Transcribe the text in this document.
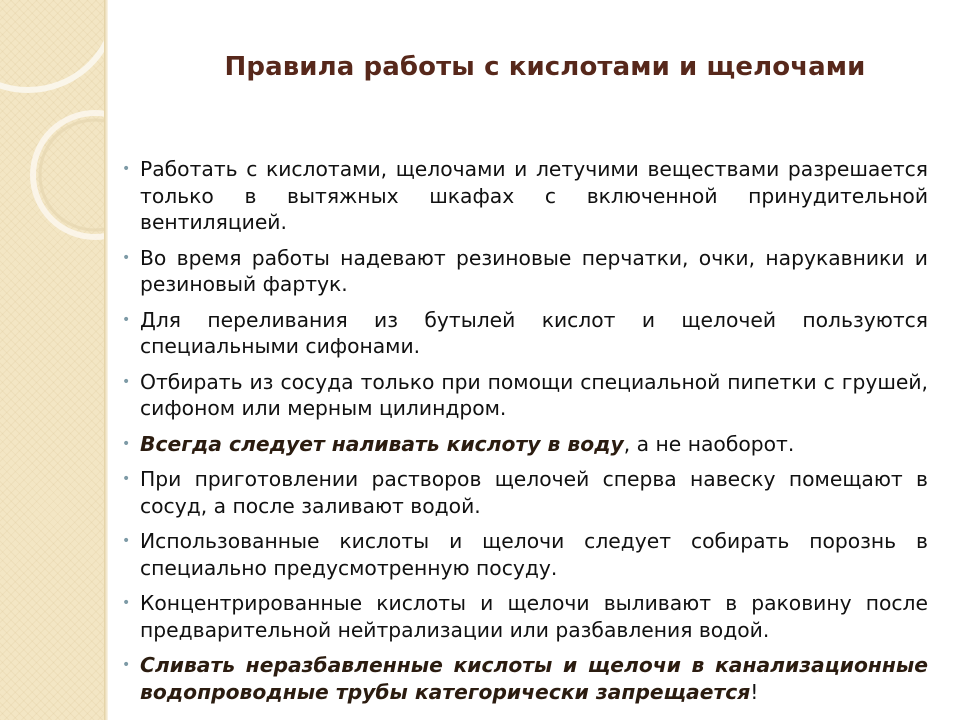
Правила работы с кислотами и щелочами
• Работать с кислотами, щелочами и летучими веществами разрешается только в вытяжных шкафах с включенной принудительной вентиляцией.
• Во время работы надевают резиновые перчатки, очки, нарукавники и резиновый фартук.
• Для переливания из бутылей кислот и щелочей пользуются специальными сифонами.
• Отбирать из сосуда только при помощи специальной пипетки с грушей, сифоном или мерным цилиндром.
• Всегда следует наливать кислоту в воду, а не наоборот.
• При приготовлении растворов щелочей сперва навеску помещают в сосуд, а после заливают водой.
• Использованные кислоты и щелочи следует собирать порознь в специально предусмотренную посуду.
• Концентрированные кислоты и щелочи выливают в раковину после предварительной нейтрализации или разбавления водой.
• Сливать неразбавленные кислоты и щелочи в канализационные водопроводные трубы категорически запрещается!
